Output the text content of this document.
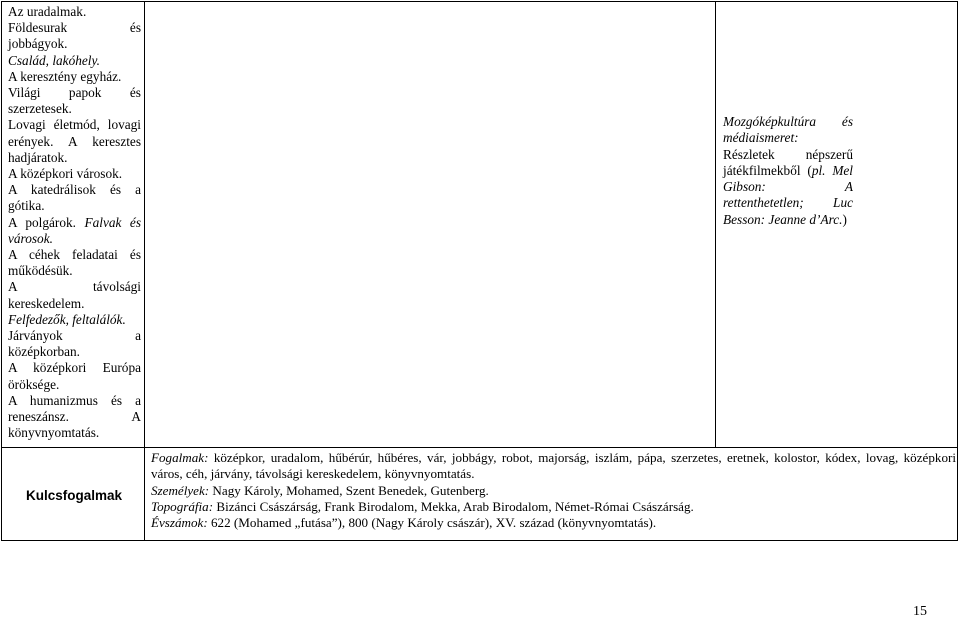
Az uradalmak.

Földesurak és jobbágyok.

Család, lakóhely.

A keresztény egyház.

Világi papok és szerzetesek.

Lovagi életmód, lovagi erények. A keresztes hadjáratok.

A középkori városok.

A katedrálisok és a gótika.

A polgárok. Falvak és városok.

A céhek feladatai és működésük.

A távolsági kereskedelem.

Felfedezők, feltalálók.

Járványok a középkorban.

A középkori Európa öröksége.

A humanizmus és a reneszánsz. A könyvnyomtatás.

Mozgóképkultúra és médiaismeret: Részletek népszerű játékfilmekből (pl. Mel Gibson: A rettenthetetlen; Luc Besson: Jeanne d’Arc.)
Kulcsfogalmak

Fogalmak: középkor, uradalom, hűbérúr, hűbéres, vár, jobbágy, robot, majorság, iszlám, pápa, szerzetes, eretnek, kolostor, kódex, lovag, középkori város, céh, járvány, távolsági kereskedelem, könyvnyomtatás.

Személyek: Nagy Károly, Mohamed, Szent Benedek, Gutenberg.

Topográfia: Bizánci Császárság, Frank Birodalom, Mekka, Arab Birodalom, Német-Római Császárság.

Évszámok: 622 (Mohamed „futása”), 800 (Nagy Károly császár), XV. század (könyvnyomtatás).

15
